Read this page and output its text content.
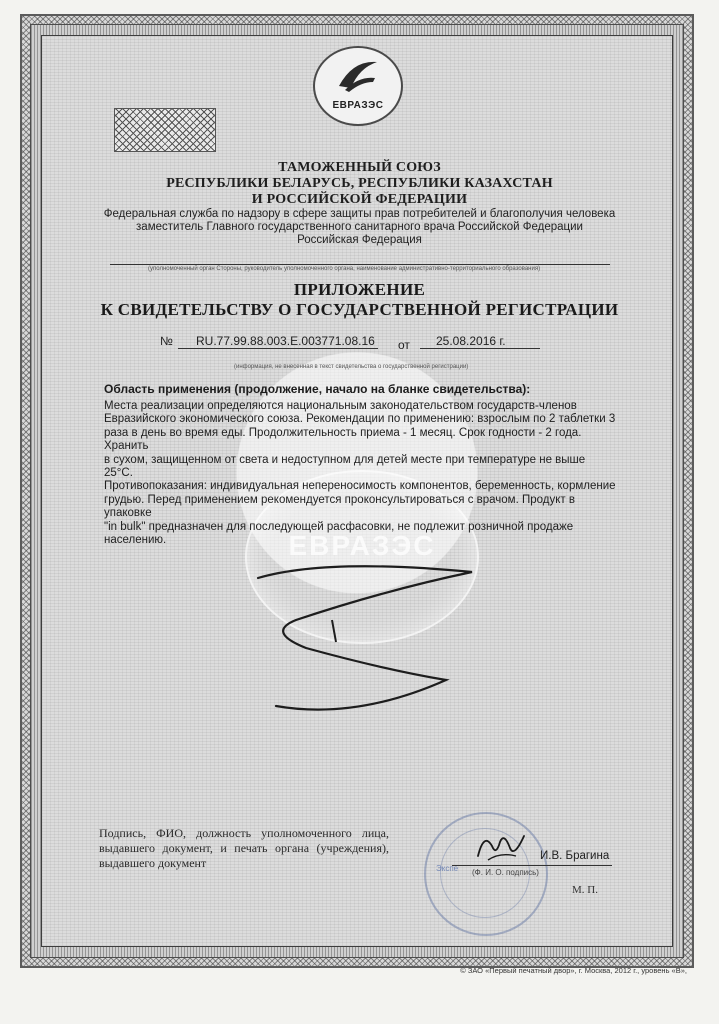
ЕВРАЗЭС
ТАМОЖЕННЫЙ СОЮЗ
РЕСПУБЛИКИ БЕЛАРУСЬ, РЕСПУБЛИКИ КАЗАХСТАН
И РОССИЙСКОЙ ФЕДЕРАЦИИ
Федеральная служба по надзору в сфере защиты прав потребителей и благополучия человека
заместитель Главного государственного санитарного врача Российской Федерации
Российская Федерация
(уполномоченный орган Стороны, руководитель уполномоченного органа, наименование административно-территориального образования)
ПРИЛОЖЕНИЕ
К СВИДЕТЕЛЬСТВУ О ГОСУДАРСТВЕННОЙ РЕГИСТРАЦИИ
№ RU.77.99.88.003.E.003771.08.16 от 25.08.2016 г.
(информация, не внесенная в текст свидетельства о государственной регистрации)
Область применения (продолжение, начало на бланке свидетельства):
ЕВРАЗЭС

Места реализации определяются национальным законодательством государств-членов

Евразийского экономического союза. Рекомендации по применению: взрослым по 2 таблетки 3

раза в день во время еды. Продолжительность приема - 1 месяц. Срок годности - 2 года. Хранить

в сухом, защищенном от света и недоступном для детей месте при температуре не выше 25°С.

Противопоказания: индивидуальная непереносимость компонентов, беременность, кормление

грудью. Перед применением рекомендуется проконсультироваться с врачом. Продукт в упаковке

"in bulk" предназначен для последующей расфасовки, не подлежит розничной продаже

населению.

Подпись, ФИО, должность уполномоченного лица, выдавшего документ, и печать органа (учреждения), выдавшего документ	Экспе
И.В. Брагина
(Ф. И. О. подпись)
М. П.
© ЗАО «Первый печатный двор», г. Москва, 2012 г., уровень «В»,
